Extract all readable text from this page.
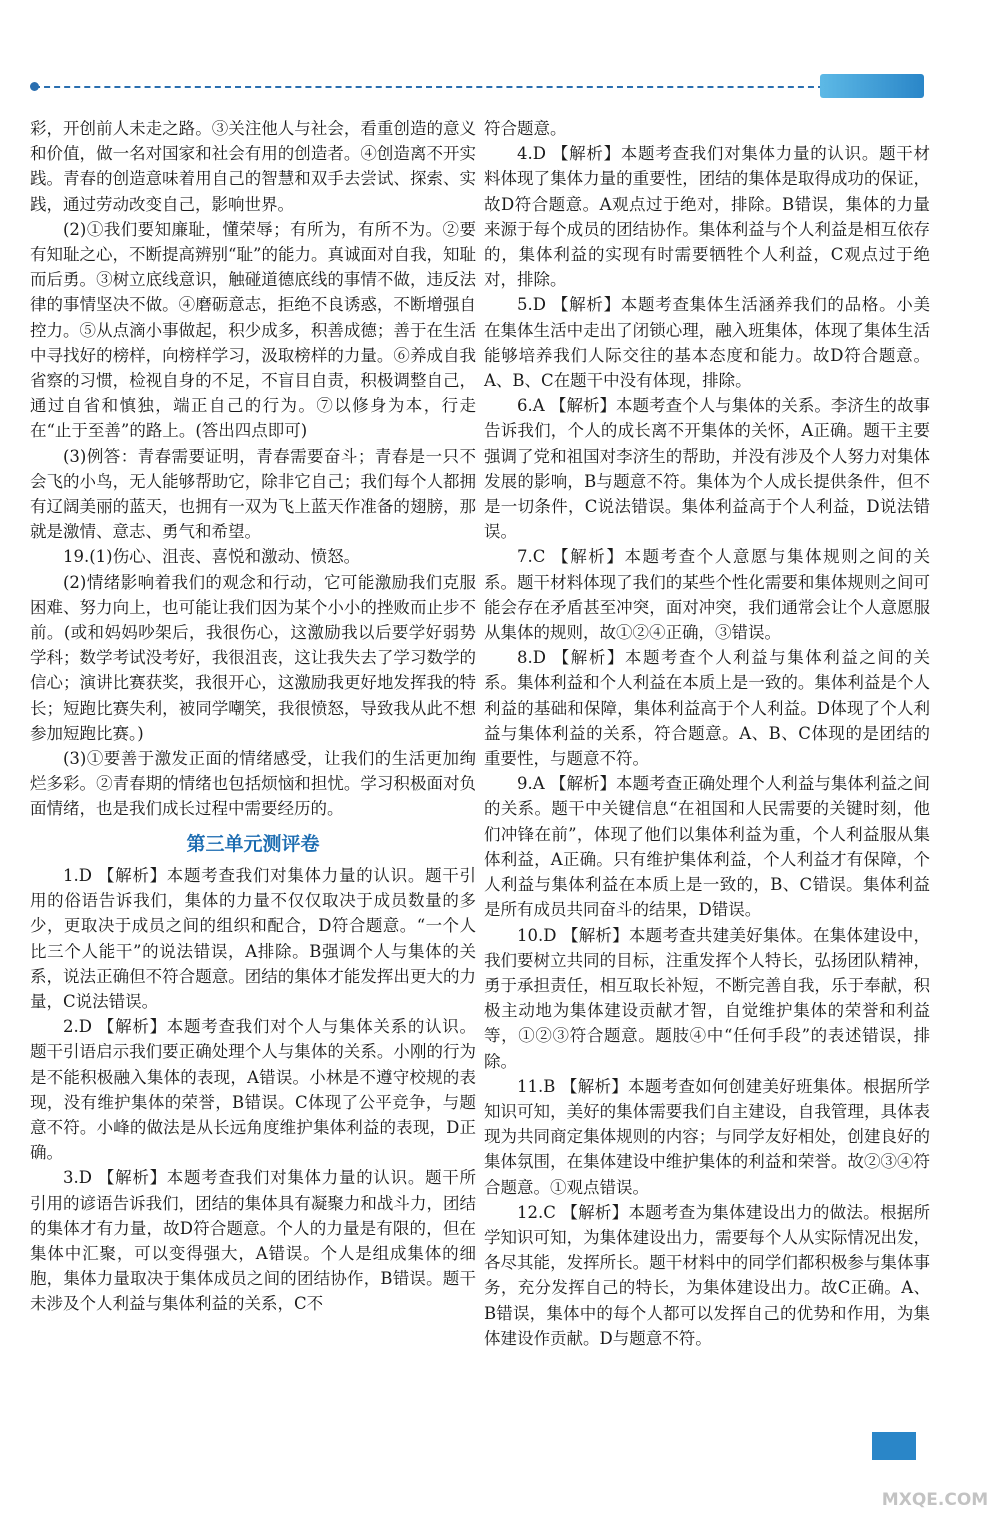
彩，开创前人未走之路。③关注他人与社会，看重创造的意义和价值，做一名对国家和社会有用的创造者。④创造离不开实践。青春的创造意味着用自己的智慧和双手去尝试、探索、实践，通过劳动改变自己，影响世界。

(2)①我们要知廉耻，懂荣辱；有所为，有所不为。②要有知耻之心，不断提高辨别“耻”的能力。真诚面对自我，知耻而后勇。③树立底线意识，触碰道德底线的事情不做，违反法律的事情坚决不做。④磨砺意志，拒绝不良诱惑，不断增强自控力。⑤从点滴小事做起，积少成多，积善成德；善于在生活中寻找好的榜样，向榜样学习，汲取榜样的力量。⑥养成自我省察的习惯，检视自身的不足，不盲目自责，积极调整自己，通过自省和慎独，端正自己的行为。⑦以修身为本，行走在“止于至善”的路上。(答出四点即可)

(3)例答：青春需要证明，青春需要奋斗；青春是一只不会飞的小鸟，无人能够帮助它，除非它自己；我们每个人都拥有辽阔美丽的蓝天，也拥有一双为飞上蓝天作准备的翅膀，那就是激情、意志、勇气和希望。

19.(1)伤心、沮丧、喜悦和激动、愤怒。

(2)情绪影响着我们的观念和行动，它可能激励我们克服困难、努力向上，也可能让我们因为某个小小的挫败而止步不前。(或和妈妈吵架后，我很伤心，这激励我以后要学好弱势学科；数学考试没考好，我很沮丧，这让我失去了学习数学的信心；演讲比赛获奖，我很开心，这激励我更好地发挥我的特长；短跑比赛失利，被同学嘲笑，我很愤怒，导致我从此不想参加短跑比赛。)

(3)①要善于激发正面的情绪感受，让我们的生活更加绚烂多彩。②青春期的情绪也包括烦恼和担忧。学习积极面对负面情绪，也是我们成长过程中需要经历的。

第三单元测评卷

1.D 【解析】本题考查我们对集体力量的认识。题干引用的俗语告诉我们，集体的力量不仅仅取决于成员数量的多少，更取决于成员之间的组织和配合，D符合题意。“一个人比三个人能干”的说法错误，A排除。B强调个人与集体的关系，说法正确但不符合题意。团结的集体才能发挥出更大的力量，C说法错误。

2.D 【解析】本题考查我们对个人与集体关系的认识。题干引语启示我们要正确处理个人与集体的关系。小刚的行为是不能积极融入集体的表现，A错误。小林是不遵守校规的表现，没有维护集体的荣誉，B错误。C体现了公平竞争，与题意不符。小峰的做法是从长远角度维护集体利益的表现，D正确。

3.D 【解析】本题考查我们对集体力量的认识。题干所引用的谚语告诉我们，团结的集体具有凝聚力和战斗力，团结的集体才有力量，故D符合题意。个人的力量是有限的，但在集体中汇聚，可以变得强大，A错误。个人是组成集体的细胞，集体力量取决于集体成员之间的团结协作，B错误。题干未涉及个人利益与集体利益的关系，C不

符合题意。

4.D 【解析】本题考查我们对集体力量的认识。题干材料体现了集体力量的重要性，团结的集体是取得成功的保证，故D符合题意。A观点过于绝对，排除。B错误，集体的力量来源于每个成员的团结协作。集体利益与个人利益是相互依存的，集体利益的实现有时需要牺牲个人利益，C观点过于绝对，排除。

5.D 【解析】本题考查集体生活涵养我们的品格。小美在集体生活中走出了闭锁心理，融入班集体，体现了集体生活能够培养我们人际交往的基本态度和能力。故D符合题意。A、B、C在题干中没有体现，排除。

6.A 【解析】本题考查个人与集体的关系。李济生的故事告诉我们，个人的成长离不开集体的关怀，A正确。题干主要强调了党和祖国对李济生的帮助，并没有涉及个人努力对集体发展的影响，B与题意不符。集体为个人成长提供条件，但不是一切条件，C说法错误。集体利益高于个人利益，D说法错误。

7.C 【解析】本题考查个人意愿与集体规则之间的关系。题干材料体现了我们的某些个性化需要和集体规则之间可能会存在矛盾甚至冲突，面对冲突，我们通常会让个人意愿服从集体的规则，故①②④正确，③错误。

8.D 【解析】本题考查个人利益与集体利益之间的关系。集体利益和个人利益在本质上是一致的。集体利益是个人利益的基础和保障，集体利益高于个人利益。D体现了个人利益与集体利益的关系，符合题意。A、B、C体现的是团结的重要性，与题意不符。

9.A 【解析】本题考查正确处理个人利益与集体利益之间的关系。题干中关键信息“在祖国和人民需要的关键时刻，他们冲锋在前”，体现了他们以集体利益为重，个人利益服从集体利益，A正确。只有维护集体利益，个人利益才有保障，个人利益与集体利益在本质上是一致的，B、C错误。集体利益是所有成员共同奋斗的结果，D错误。

10.D 【解析】本题考查共建美好集体。在集体建设中，我们要树立共同的目标，注重发挥个人特长，弘扬团队精神，勇于承担责任，相互取长补短，不断完善自我，乐于奉献，积极主动地为集体建设贡献才智，自觉维护集体的荣誉和利益等，①②③符合题意。题肢④中“任何手段”的表述错误，排除。

11.B 【解析】本题考查如何创建美好班集体。根据所学知识可知，美好的集体需要我们自主建设，自我管理，具体表现为共同商定集体规则的内容；与同学友好相处，创建良好的集体氛围，在集体建设中维护集体的利益和荣誉。故②③④符合题意。①观点错误。

12.C 【解析】本题考查为集体建设出力的做法。根据所学知识可知，为集体建设出力，需要每个人从实际情况出发，各尽其能，发挥所长。题干材料中的同学们都积极参与集体事务，充分发挥自己的特长，为集体建设出力。故C正确。A、B错误，集体中的每个人都可以发挥自己的优势和作用，为集体建设作贡献。D与题意不符。

MXQE.COM
